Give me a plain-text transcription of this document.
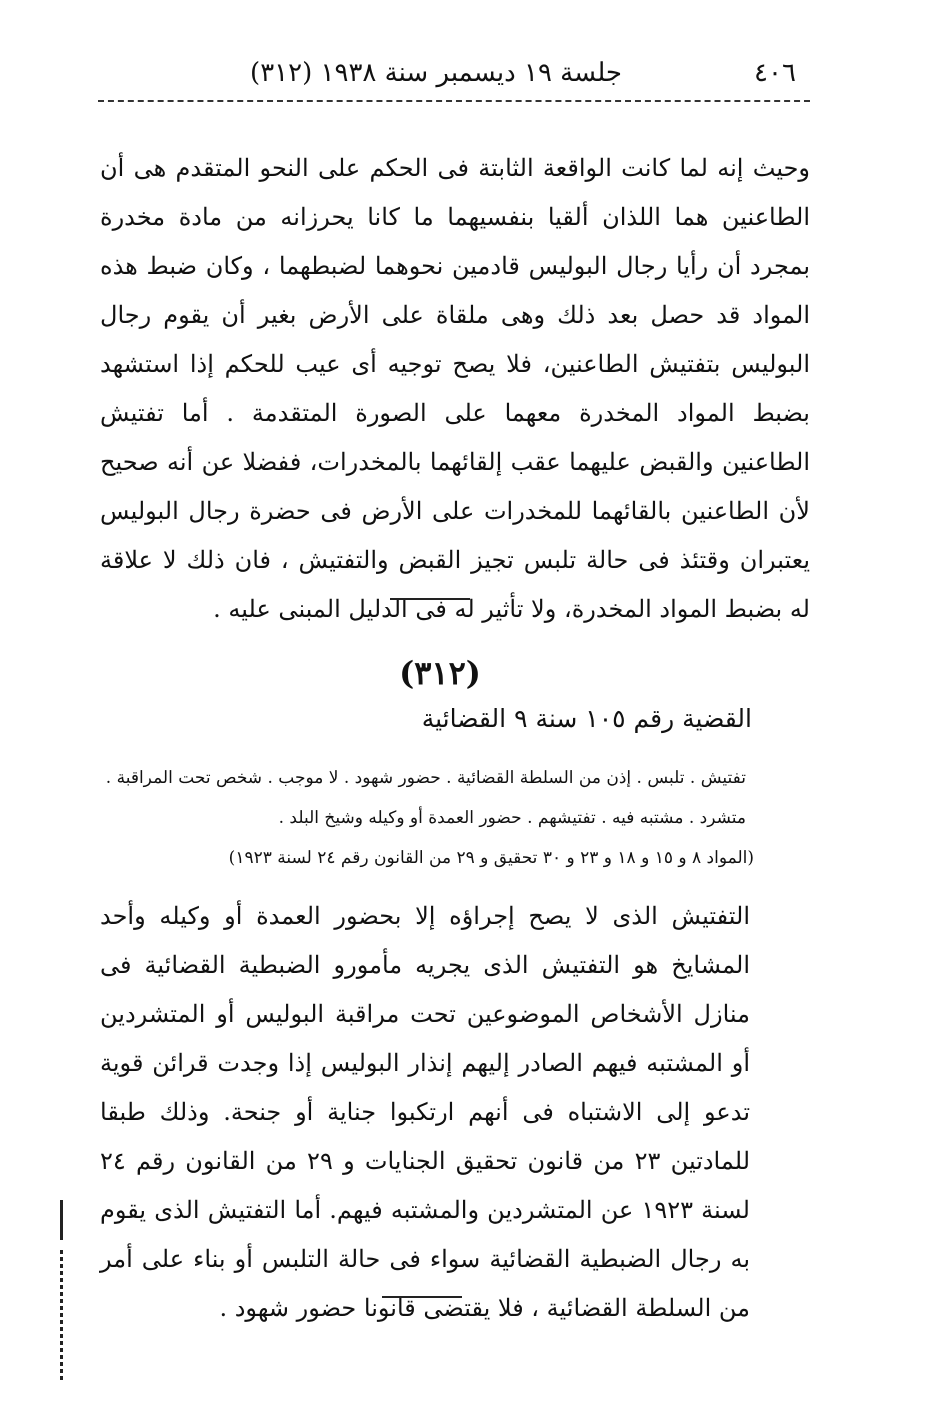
٤٠٦
جلسة ١٩ ديسمبر سنة ١٩٣٨ (٣١٢)
وحيث إنه لما كانت الواقعة الثابتة فى الحكم على النحو المتقدم هى أن الطاعنين هما اللذان ألقيا بنفسيهما ما كانا يحرزانه من مادة مخدرة بمجرد أن رأيا رجال البوليس قادمين نحوهما لضبطهما ، وكان ضبط هذه المواد قد حصل بعد ذلك وهى ملقاة على الأرض بغير أن يقوم رجال البوليس بتفتيش الطاعنين، فلا يصح توجيه أى عيب للحكم إذا استشهد بضبط المواد المخدرة معهما على الصورة المتقدمة . أما تفتيش الطاعنين والقبض عليهما عقب إلقائهما بالمخدرات، ففضلا عن أنه صحيح لأن الطاعنين بالقائهما للمخدرات على الأرض فى حضرة رجال البوليس يعتبران وقتئذ فى حالة تلبس تجيز القبض والتفتيش ، فان ذلك لا علاقة له بضبط المواد المخدرة، ولا تأثير له فى الدليل المبنى عليه .
(٣١٢)
القضية رقم ١٠٥ سنة ٩ القضائية
تفتيش . تلبس . إذن من السلطة القضائية . حضور شهود . لا موجب . شخص تحت المراقبة .
متشرد . مشتبه فيه . تفتيشهم . حضور العمدة أو وكيله وشيخ البلد .
(المواد ٨ و ١٥ و ١٨ و ٢٣ و ٣٠ تحقيق و ٢٩ من القانون رقم ٢٤ لسنة ١٩٢٣)
التفتيش الذى لا يصح إجراؤه إلا بحضور العمدة أو وكيله وأحد المشايخ هو التفتيش الذى يجريه مأمورو الضبطية القضائية فى منازل الأشخاص الموضوعين تحت مراقبة البوليس أو المتشردين أو المشتبه فيهم الصادر إليهم إنذار البوليس إذا وجدت قرائن قوية تدعو إلى الاشتباه فى أنهم ارتكبوا جناية أو جنحة. وذلك طبقا للمادتين ٢٣ من قانون تحقيق الجنايات و ٢٩ من القانون رقم ٢٤ لسنة ١٩٢٣ عن المتشردين والمشتبه فيهم. أما التفتيش الذى يقوم به رجال الضبطية القضائية سواء فى حالة التلبس أو بناء على أمر من السلطة القضائية ، فلا يقتضى قانونا حضور شهود .
